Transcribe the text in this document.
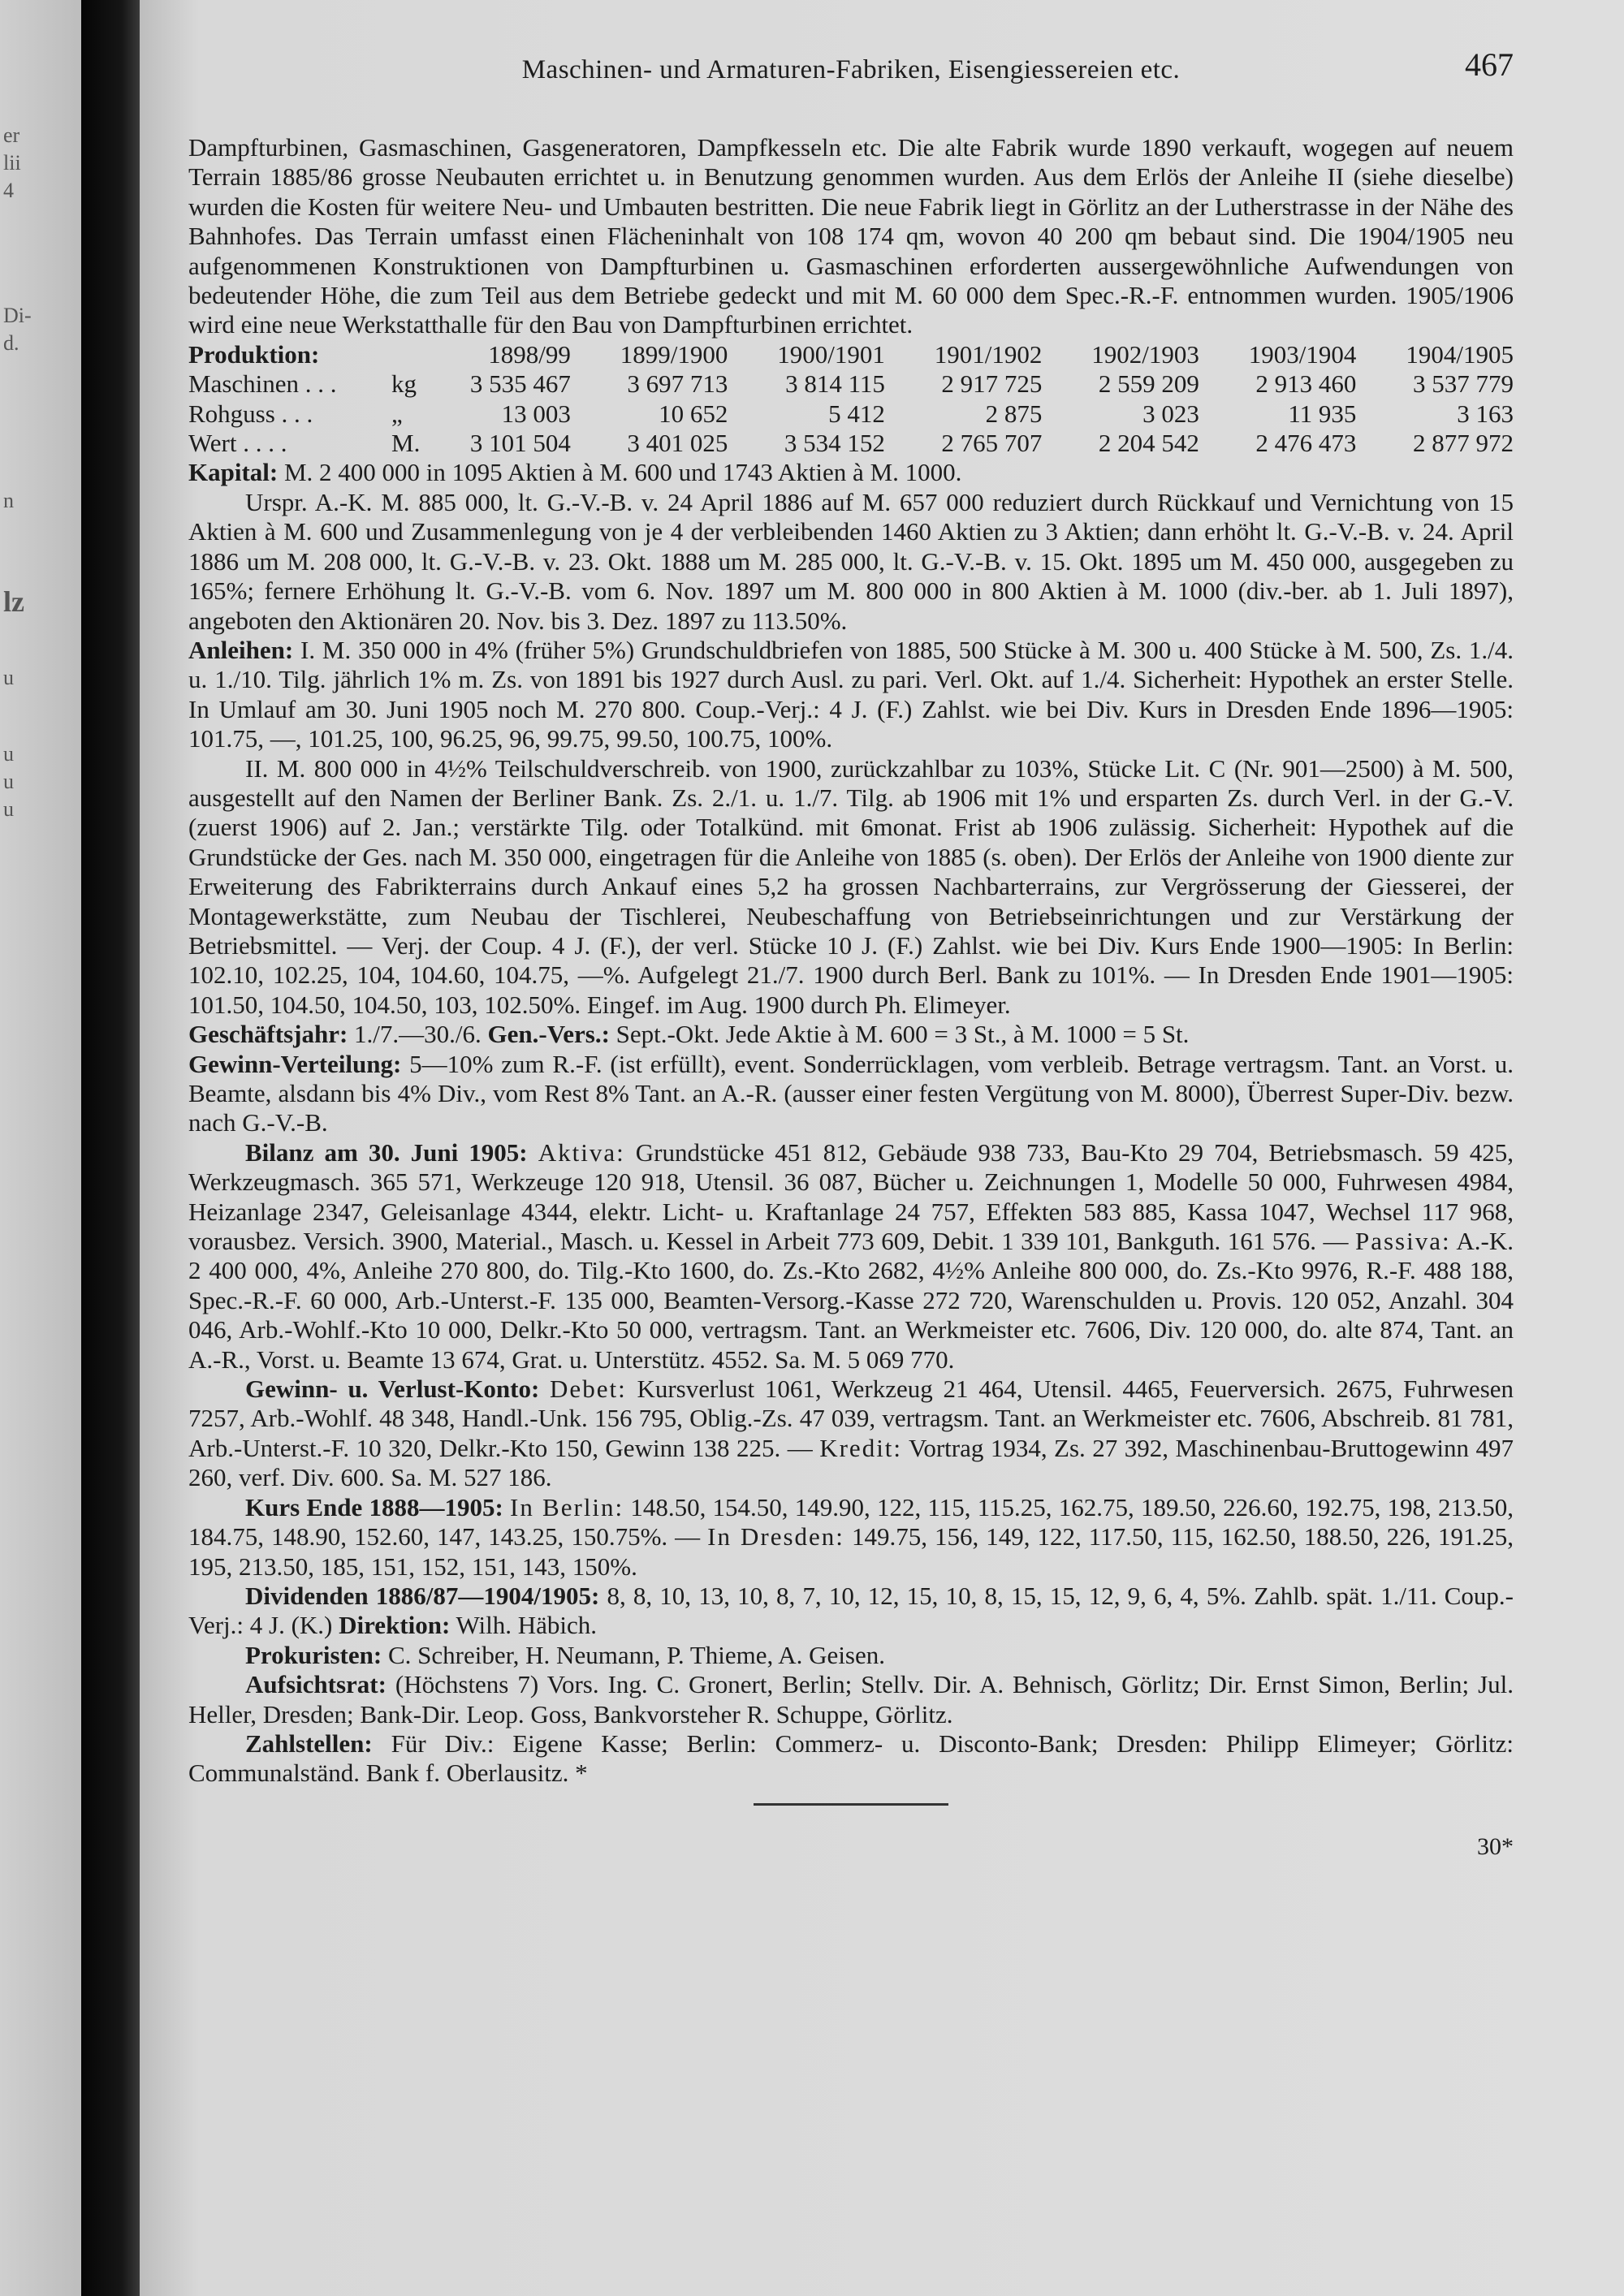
er
lii
4
Di-
d.
n
lz
u
u
u
u
Maschinen- und Armaturen-Fabriken, Eisengiessereien etc.	467

Dampfturbinen, Gasmaschinen, Gasgeneratoren, Dampfkesseln etc. Die alte Fabrik wurde 1890 verkauft, wogegen auf neuem Terrain 1885/86 grosse Neubauten errichtet u. in Benutzung genommen wurden. Aus dem Erlös der Anleihe II (siehe dieselbe) wurden die Kosten für weitere Neu- und Umbauten bestritten. Die neue Fabrik liegt in Görlitz an der Lutherstrasse in der Nähe des Bahnhofes. Das Terrain umfasst einen Flächeninhalt von 108 174 qm, wovon 40 200 qm bebaut sind. Die 1904/1905 neu aufgenommenen Konstruktionen von Dampfturbinen u. Gasmaschinen erforderten aussergewöhnliche Aufwendungen von bedeutender Höhe, die zum Teil aus dem Betriebe gedeckt und mit M. 60 000 dem Spec.-R.-F. entnommen wurden. 1905/1906 wird eine neue Werkstatthalle für den Bau von Dampfturbinen errichtet.

Produktion:		1898/99	1899/1900	1900/1901	1901/1902	1902/1903	1903/1904	1904/1905
Maschinen . . .	kg	3 535 467	3 697 713	3 814 115	2 917 725	2 559 209	2 913 460	3 537 779
Rohguss . . .	„	13 003	10 652	5 412	2 875	3 023	11 935	3 163
Wert . . . .	M.	3 101 504	3 401 025	3 534 152	2 765 707	2 204 542	2 476 473	2 877 972

Kapital: M. 2 400 000 in 1095 Aktien à M. 600 und 1743 Aktien à M. 1000.

Urspr. A.-K. M. 885 000, lt. G.-V.-B. v. 24 April 1886 auf M. 657 000 reduziert durch Rückkauf und Vernichtung von 15 Aktien à M. 600 und Zusammenlegung von je 4 der verbleibenden 1460 Aktien zu 3 Aktien; dann erhöht lt. G.-V.-B. v. 24. April 1886 um M. 208 000, lt. G.-V.-B. v. 23. Okt. 1888 um M. 285 000, lt. G.-V.-B. v. 15. Okt. 1895 um M. 450 000, ausgegeben zu 165%; fernere Erhöhung lt. G.-V.-B. vom 6. Nov. 1897 um M. 800 000 in 800 Aktien à M. 1000 (div.-ber. ab 1. Juli 1897), angeboten den Aktionären 20. Nov. bis 3. Dez. 1897 zu 113.50%.

Anleihen: I. M. 350 000 in 4% (früher 5%) Grundschuldbriefen von 1885, 500 Stücke à M. 300 u. 400 Stücke à M. 500, Zs. 1./4. u. 1./10. Tilg. jährlich 1% m. Zs. von 1891 bis 1927 durch Ausl. zu pari. Verl. Okt. auf 1./4. Sicherheit: Hypothek an erster Stelle. In Umlauf am 30. Juni 1905 noch M. 270 800. Coup.-Verj.: 4 J. (F.) Zahlst. wie bei Div. Kurs in Dresden Ende 1896—1905: 101.75, —, 101.25, 100, 96.25, 96, 99.75, 99.50, 100.75, 100%.

II. M. 800 000 in 4½% Teilschuldverschreib. von 1900, zurückzahlbar zu 103%, Stücke Lit. C (Nr. 901—2500) à M. 500, ausgestellt auf den Namen der Berliner Bank. Zs. 2./1. u. 1./7. Tilg. ab 1906 mit 1% und ersparten Zs. durch Verl. in der G.-V. (zuerst 1906) auf 2. Jan.; verstärkte Tilg. oder Totalkünd. mit 6monat. Frist ab 1906 zulässig. Sicherheit: Hypothek auf die Grundstücke der Ges. nach M. 350 000, eingetragen für die Anleihe von 1885 (s. oben). Der Erlös der Anleihe von 1900 diente zur Erweiterung des Fabrikterrains durch Ankauf eines 5,2 ha grossen Nachbarterrains, zur Vergrösserung der Giesserei, der Montagewerkstätte, zum Neubau der Tischlerei, Neubeschaffung von Betriebseinrichtungen und zur Verstärkung der Betriebsmittel. — Verj. der Coup. 4 J. (F.), der verl. Stücke 10 J. (F.) Zahlst. wie bei Div. Kurs Ende 1900—1905: In Berlin: 102.10, 102.25, 104, 104.60, 104.75, —%. Aufgelegt 21./7. 1900 durch Berl. Bank zu 101%. — In Dresden Ende 1901—1905: 101.50, 104.50, 104.50, 103, 102.50%. Eingef. im Aug. 1900 durch Ph. Elimeyer.

Geschäftsjahr: 1./7.—30./6. Gen.-Vers.: Sept.-Okt. Jede Aktie à M. 600 = 3 St., à M. 1000 = 5 St.

Gewinn-Verteilung: 5—10% zum R.-F. (ist erfüllt), event. Sonderrücklagen, vom verbleib. Betrage vertragsm. Tant. an Vorst. u. Beamte, alsdann bis 4% Div., vom Rest 8% Tant. an A.-R. (ausser einer festen Vergütung von M. 8000), Überrest Super-Div. bezw. nach G.-V.-B.

Bilanz am 30. Juni 1905: Aktiva: Grundstücke 451 812, Gebäude 938 733, Bau-Kto 29 704, Betriebsmasch. 59 425, Werkzeugmasch. 365 571, Werkzeuge 120 918, Utensil. 36 087, Bücher u. Zeichnungen 1, Modelle 50 000, Fuhrwesen 4984, Heizanlage 2347, Geleisanlage 4344, elektr. Licht- u. Kraftanlage 24 757, Effekten 583 885, Kassa 1047, Wechsel 117 968, vorausbez. Versich. 3900, Material., Masch. u. Kessel in Arbeit 773 609, Debit. 1 339 101, Bankguth. 161 576. — Passiva: A.-K. 2 400 000, 4%, Anleihe 270 800, do. Tilg.-Kto 1600, do. Zs.-Kto 2682, 4½% Anleihe 800 000, do. Zs.-Kto 9976, R.-F. 488 188, Spec.-R.-F. 60 000, Arb.-Unterst.-F. 135 000, Beamten-Versorg.-Kasse 272 720, Warenschulden u. Provis. 120 052, Anzahl. 304 046, Arb.-Wohlf.-Kto 10 000, Delkr.-Kto 50 000, vertragsm. Tant. an Werkmeister etc. 7606, Div. 120 000, do. alte 874, Tant. an A.-R., Vorst. u. Beamte 13 674, Grat. u. Unterstütz. 4552. Sa. M. 5 069 770.

Gewinn- u. Verlust-Konto: Debet: Kursverlust 1061, Werkzeug 21 464, Utensil. 4465, Feuerversich. 2675, Fuhrwesen 7257, Arb.-Wohlf. 48 348, Handl.-Unk. 156 795, Oblig.-Zs. 47 039, vertragsm. Tant. an Werkmeister etc. 7606, Abschreib. 81 781, Arb.-Unterst.-F. 10 320, Delkr.-Kto 150, Gewinn 138 225. — Kredit: Vortrag 1934, Zs. 27 392, Maschinenbau-Bruttogewinn 497 260, verf. Div. 600. Sa. M. 527 186.

Kurs Ende 1888—1905: In Berlin: 148.50, 154.50, 149.90, 122, 115, 115.25, 162.75, 189.50, 226.60, 192.75, 198, 213.50, 184.75, 148.90, 152.60, 147, 143.25, 150.75%. — In Dresden: 149.75, 156, 149, 122, 117.50, 115, 162.50, 188.50, 226, 191.25, 195, 213.50, 185, 151, 152, 151, 143, 150%.

Dividenden 1886/87—1904/1905: 8, 8, 10, 13, 10, 8, 7, 10, 12, 15, 10, 8, 15, 15, 12, 9, 6, 4, 5%. Zahlb. spät. 1./11. Coup.-Verj.: 4 J. (K.) Direktion: Wilh. Häbich.

Prokuristen: C. Schreiber, H. Neumann, P. Thieme, A. Geisen.

Aufsichtsrat: (Höchstens 7) Vors. Ing. C. Gronert, Berlin; Stellv. Dir. A. Behnisch, Görlitz; Dir. Ernst Simon, Berlin; Jul. Heller, Dresden; Bank-Dir. Leop. Goss, Bankvorsteher R. Schuppe, Görlitz.

Zahlstellen: Für Div.: Eigene Kasse; Berlin: Commerz- u. Disconto-Bank; Dresden: Philipp Elimeyer; Görlitz: Communalständ. Bank f. Oberlausitz. *

30*
